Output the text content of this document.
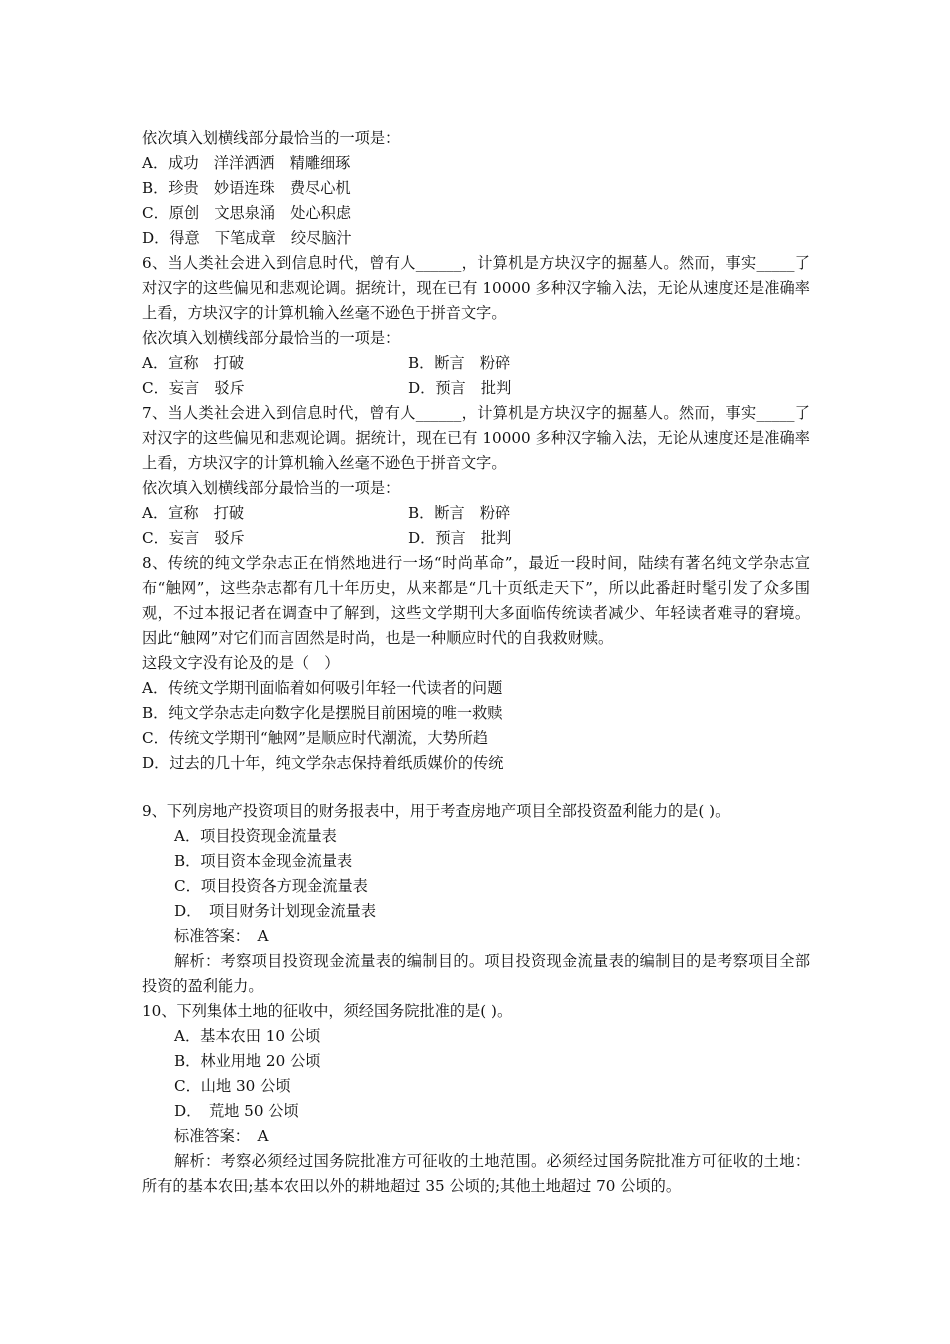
依次填入划横线部分最恰当的一项是：
A．成功　洋洋洒洒　精雕细琢
B．珍贵　妙语连珠　费尽心机
C．原创　文思泉涌　处心积虑
D．得意　下笔成章　绞尽脑汁
6、当人类社会进入到信息时代，曾有人______，计算机是方块汉字的掘墓人。然而，事实_____了对汉字的这些偏见和悲观论调。据统计，现在已有 10000 多种汉字输入法，无论从速度还是准确率上看，方块汉字的计算机输入丝毫不逊色于拼音文字。
依次填入划横线部分最恰当的一项是：
A．宣称　打破	B．断言　粉碎
C．妄言　驳斥	D．预言　批判
7、当人类社会进入到信息时代，曾有人______，计算机是方块汉字的掘墓人。然而，事实_____了对汉字的这些偏见和悲观论调。据统计，现在已有 10000 多种汉字输入法，无论从速度还是准确率上看，方块汉字的计算机输入丝毫不逊色于拼音文字。
依次填入划横线部分最恰当的一项是：
A．宣称　打破	B．断言　粉碎
C．妄言　驳斥	D．预言　批判
8、传统的纯文学杂志正在悄然地进行一场“时尚革命”，最近一段时间，陆续有著名纯文学杂志宣布“触网”，这些杂志都有几十年历史，从来都是“几十页纸走天下”，所以此番赶时髦引发了众多围观，不过本报记者在调查中了解到，这些文学期刊大多面临传统读者减少、年轻读者难寻的窘境。因此“触网”对它们而言固然是时尚，也是一种顺应时代的自我救财赎。
这段文字没有论及的是（　）
A．传统文学期刊面临着如何吸引年轻一代读者的问题
B．纯文学杂志走向数字化是摆脱目前困境的唯一救赎
C．传统文学期刊“触网”是顺应时代潮流，大势所趋
D．过去的几十年，纯文学杂志保持着纸质媒价的传统
9、下列房地产投资项目的财务报表中，用于考查房地产项目全部投资盈利能力的是( )。
A．项目投资现金流量表
B．项目资本金现金流量表
C．项目投资各方现金流量表
D．　项目财务计划现金流量表
标准答案：　A
解析：考察项目投资现金流量表的编制目的。项目投资现金流量表的编制目的是考察项目全部投资的盈利能力。
10、下列集体土地的征收中，须经国务院批准的是( )。
A．基本农田 10 公顷
B．林业用地 20 公顷
C．山地 30 公顷
D．　荒地 50 公顷
标准答案：　A
解析：考察必须经过国务院批准方可征收的土地范围。必须经过国务院批准方可征收的土地：所有的基本农田;基本农田以外的耕地超过 35 公顷的;其他土地超过 70 公顷的。
